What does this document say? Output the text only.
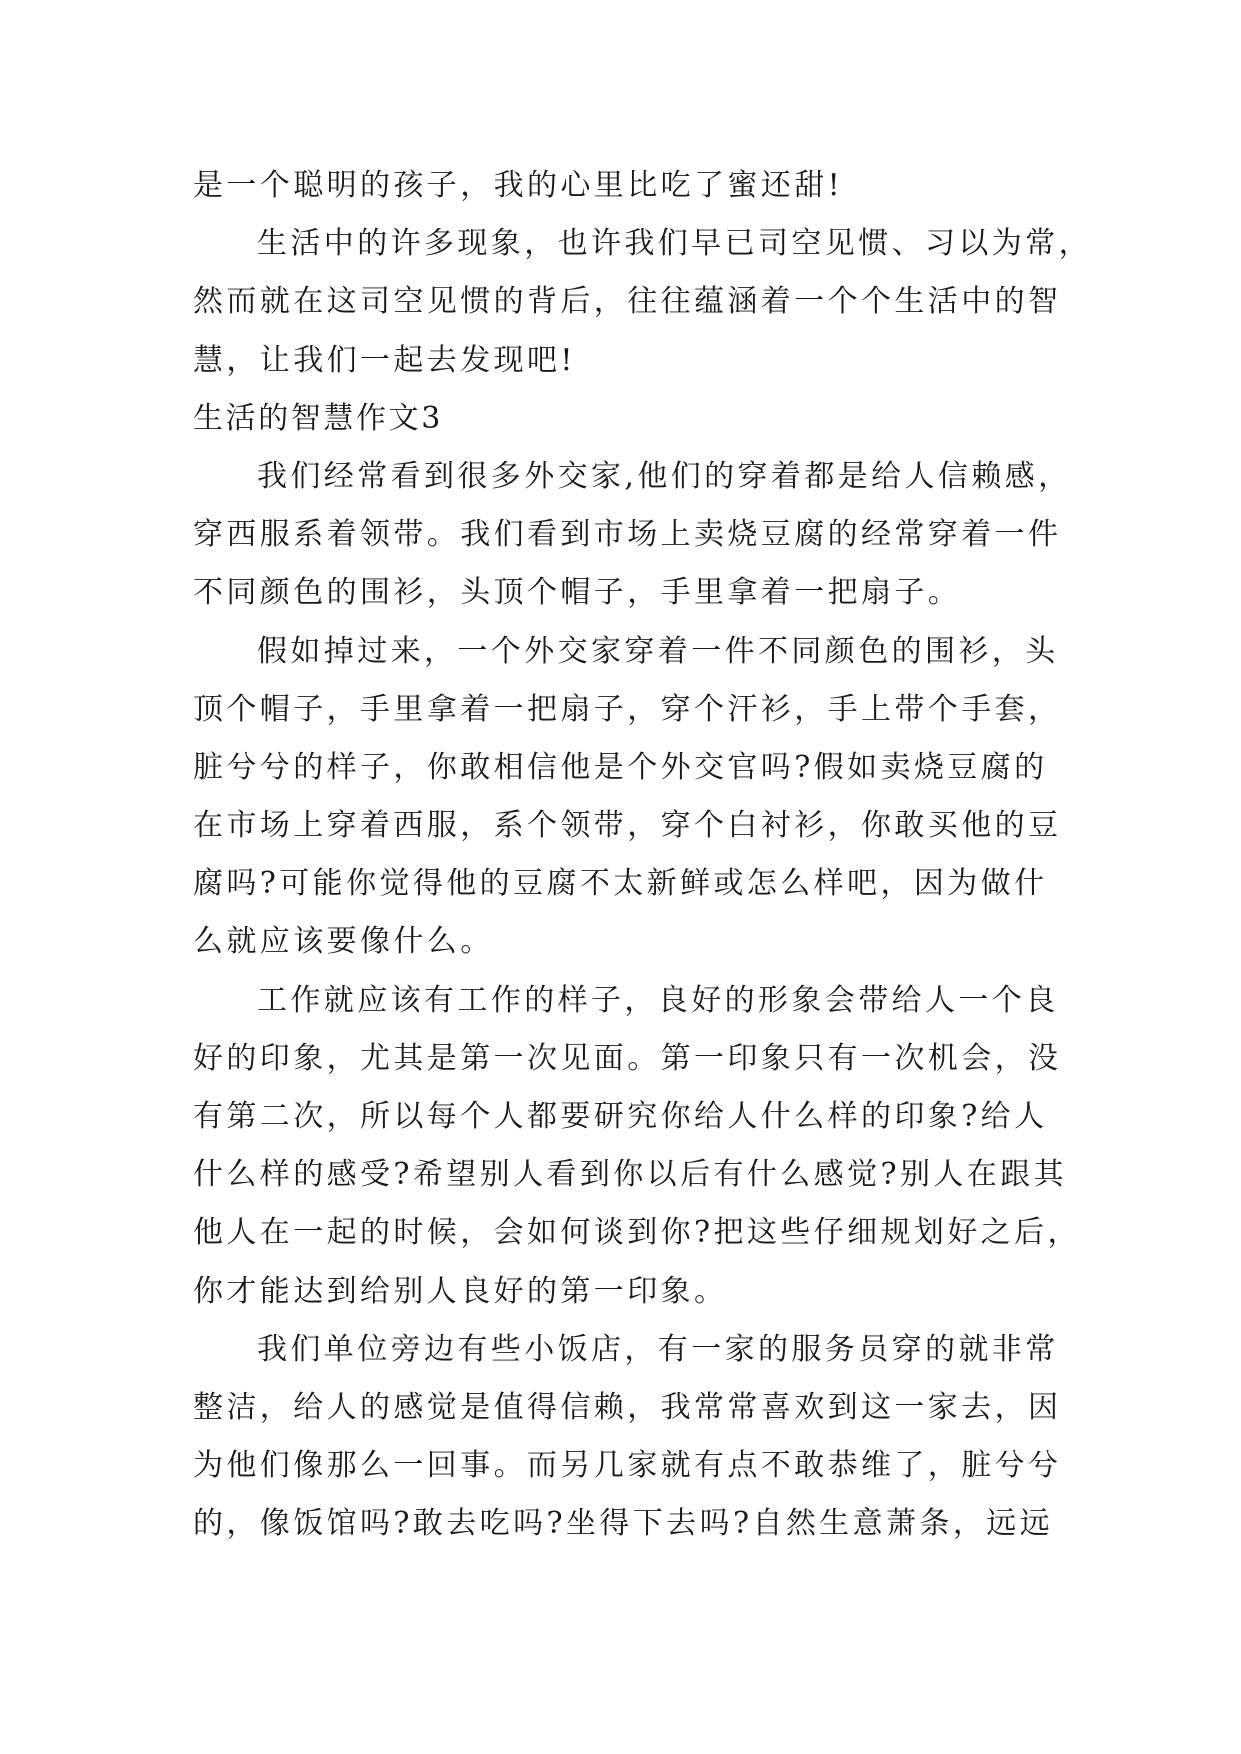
是一个聪明的孩子，我的心里比吃了蜜还甜!
生活中的许多现象，也许我们早已司空见惯、习以为常，
然而就在这司空见惯的背后，往往蕴涵着一个个生活中的智
慧，让我们一起去发现吧!
生活的智慧作文3
我们经常看到很多外交家,他们的穿着都是给人信赖感，
穿西服系着领带。我们看到市场上卖烧豆腐的经常穿着一件
不同颜色的围衫，头顶个帽子，手里拿着一把扇子。
假如掉过来，一个外交家穿着一件不同颜色的围衫，头
顶个帽子，手里拿着一把扇子，穿个汗衫，手上带个手套，
脏兮兮的样子，你敢相信他是个外交官吗?假如卖烧豆腐的
在市场上穿着西服，系个领带，穿个白衬衫，你敢买他的豆
腐吗?可能你觉得他的豆腐不太新鲜或怎么样吧，因为做什
么就应该要像什么。
工作就应该有工作的样子，良好的形象会带给人一个良
好的印象，尤其是第一次见面。第一印象只有一次机会，没
有第二次，所以每个人都要研究你给人什么样的印象?给人
什么样的感受?希望别人看到你以后有什么感觉?别人在跟其
他人在一起的时候，会如何谈到你?把这些仔细规划好之后，
你才能达到给别人良好的第一印象。
我们单位旁边有些小饭店，有一家的服务员穿的就非常
整洁，给人的感觉是值得信赖，我常常喜欢到这一家去，因
为他们像那么一回事。而另几家就有点不敢恭维了，脏兮兮
的，像饭馆吗?敢去吃吗?坐得下去吗?自然生意萧条，远远
